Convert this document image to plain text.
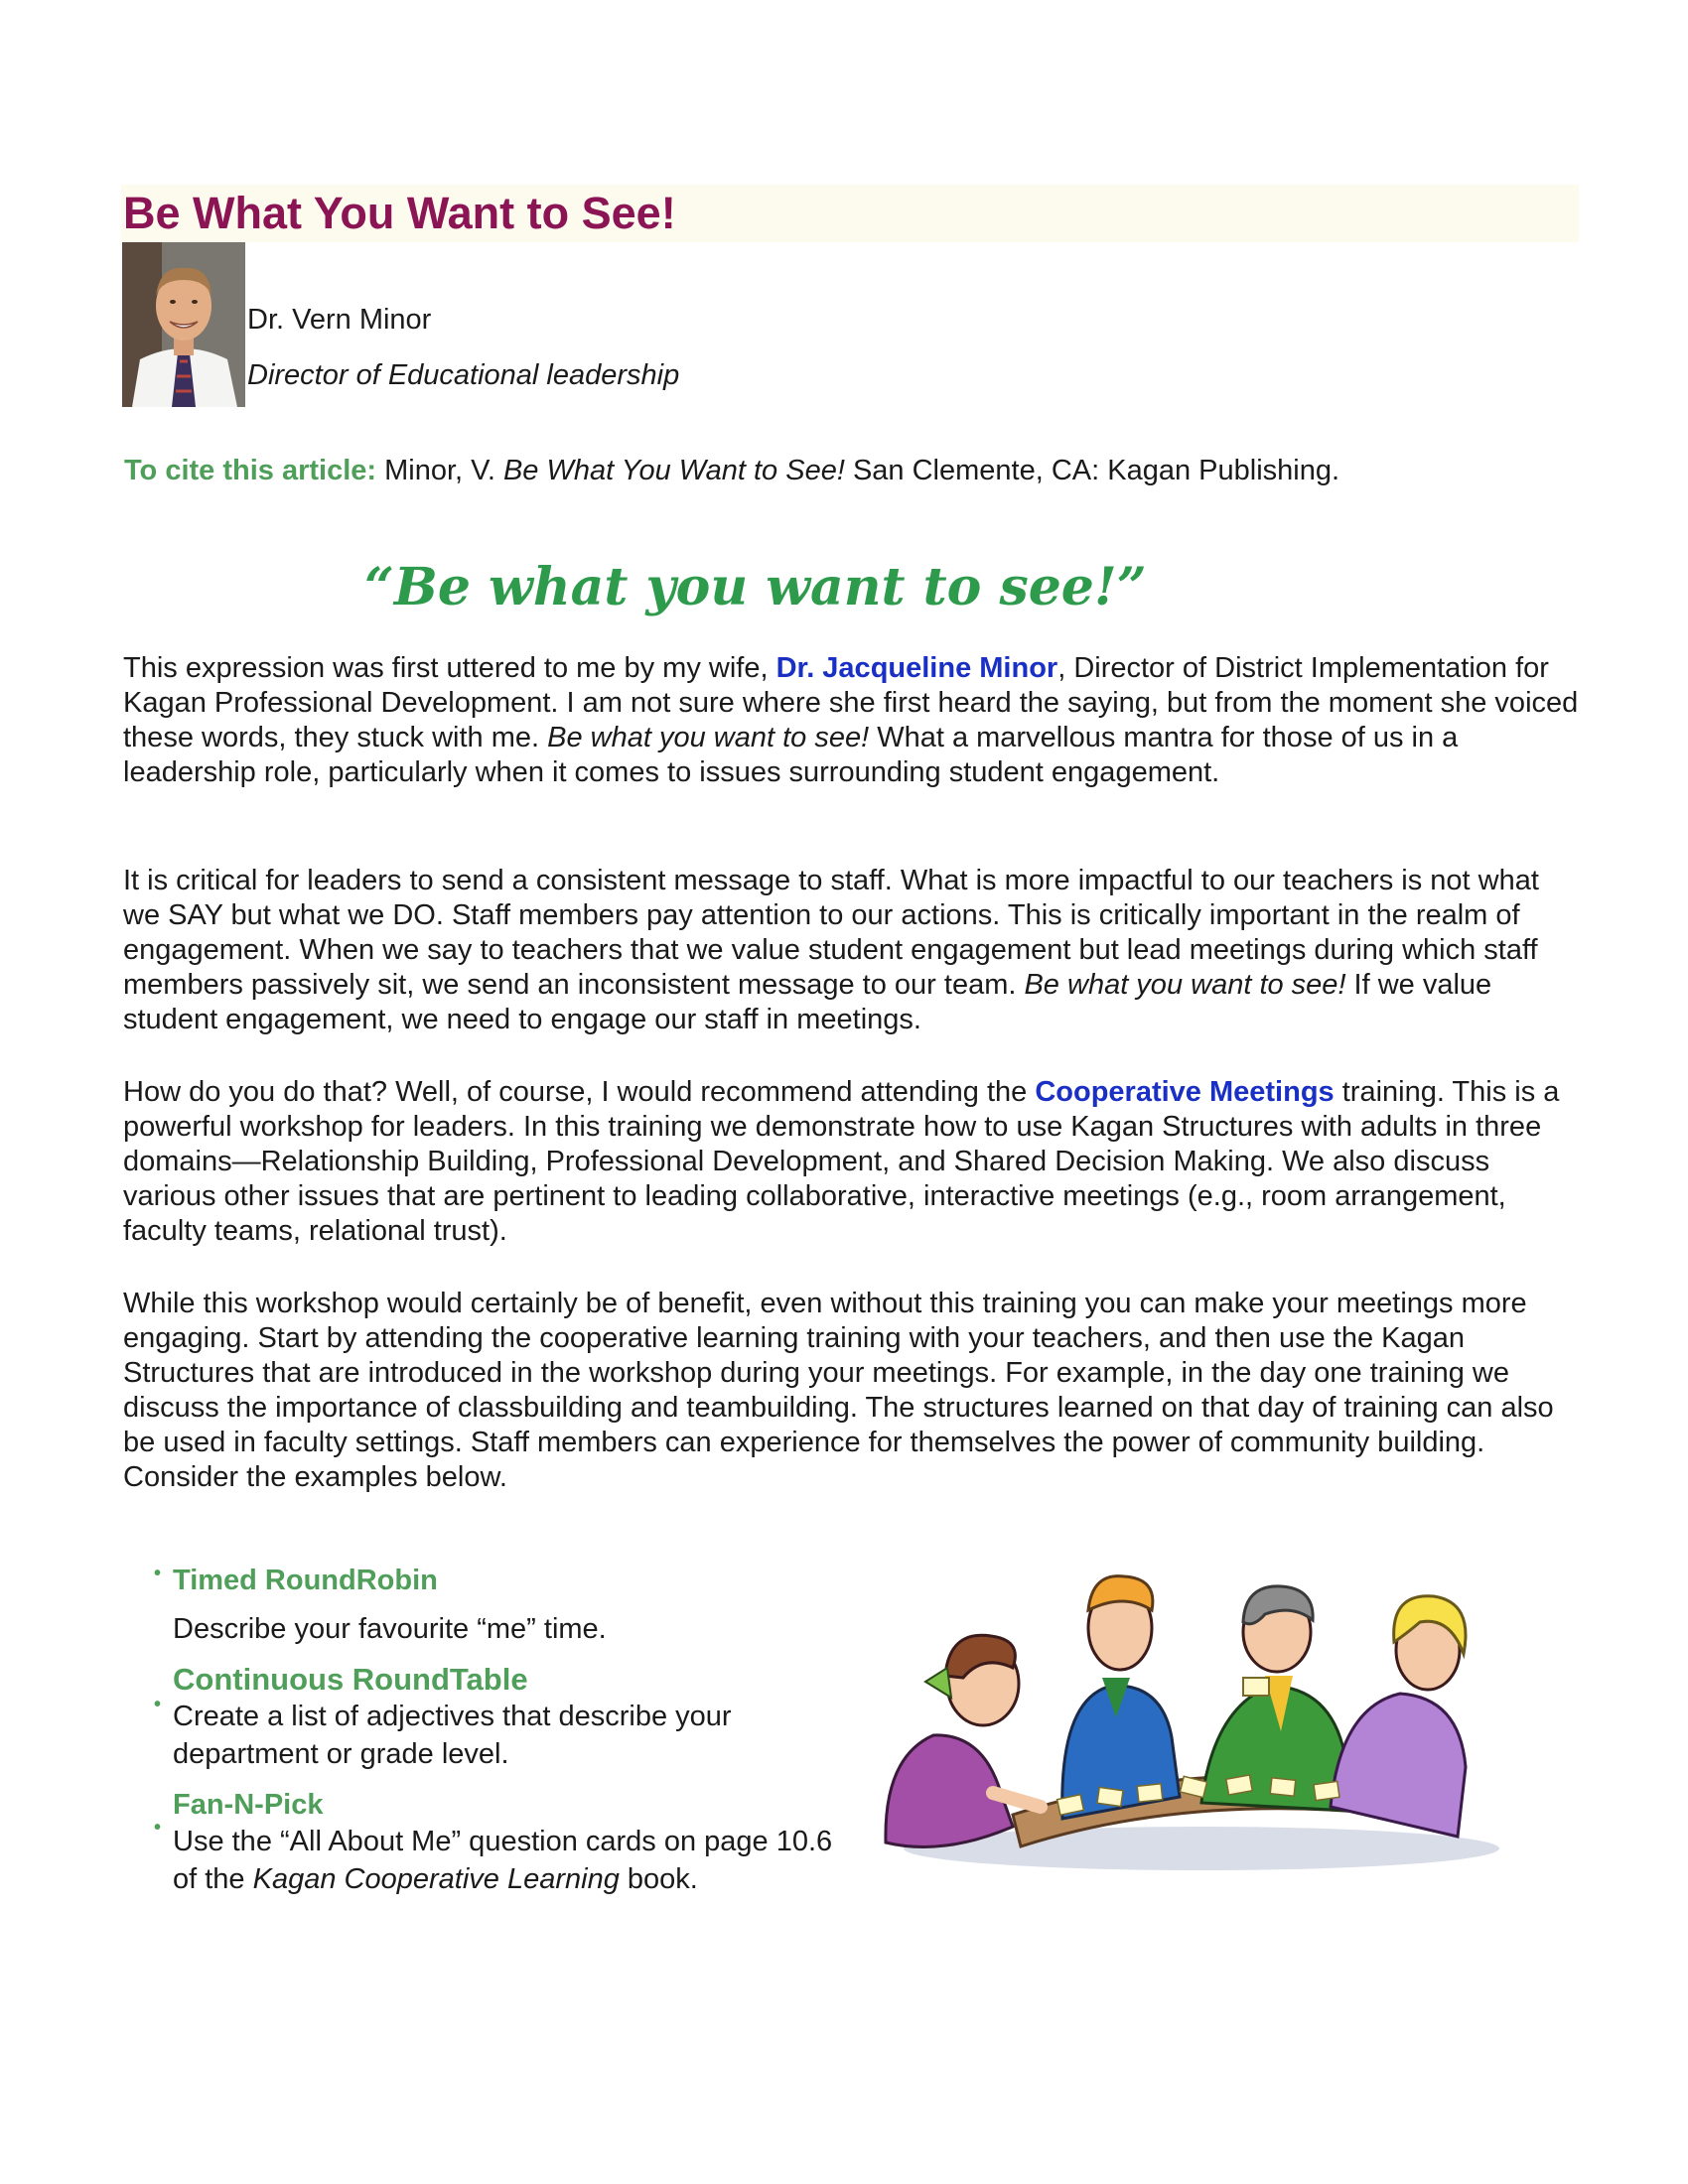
Be What You Want to See!
Dr. Vern Minor
Director of Educational leadership
To cite this article: Minor, V. Be What You Want to See! San Clemente, CA: Kagan Publishing.
“Be what you want to see!”

This expression was first uttered to me by my wife, Dr. Jacqueline Minor, Director of District Implementation for Kagan Professional Development. I am not sure where she first heard the saying, but from the moment she voiced these words, they stuck with me. Be what you want to see! What a marvellous mantra for those of us in a leadership role, particularly when it comes to issues surrounding student engagement.

It is critical for leaders to send a consistent message to staff. What is more impactful to our teachers is not what we SAY but what we DO. Staff members pay attention to our actions. This is critically important in the realm of engagement. When we say to teachers that we value student engagement but lead meetings during which staff members passively sit, we send an inconsistent message to our team. Be what you want to see! If we value student engagement, we need to engage our staff in meetings.

How do you do that? Well, of course, I would recommend attending the Cooperative Meetings training. This is a powerful workshop for leaders. In this training we demonstrate how to use Kagan Structures with adults in three domains—Relationship Building, Professional Development, and Shared Decision Making. We also discuss various other issues that are pertinent to leading collaborative, interactive meetings (e.g., room arrangement, faculty teams, relational trust).

While this workshop would certainly be of benefit, even without this training you can make your meetings more engaging. Start by attending the cooperative learning training with your teachers, and then use the Kagan Structures that are introduced in the workshop during your meetings. For example, in the day one training we discuss the importance of classbuilding and teambuilding. The structures learned on that day of training can also be used in faculty settings. Staff members can experience for themselves the power of community building. Consider the examples below.

• Timed RoundRobin
Describe your favourite “me” time.
•
Continuous RoundTable
Create a list of adjectives that describe your department or grade level.
•
Fan-N-Pick
Use the “All About Me” question cards on page 10.6 of the Kagan Cooperative Learning book.
